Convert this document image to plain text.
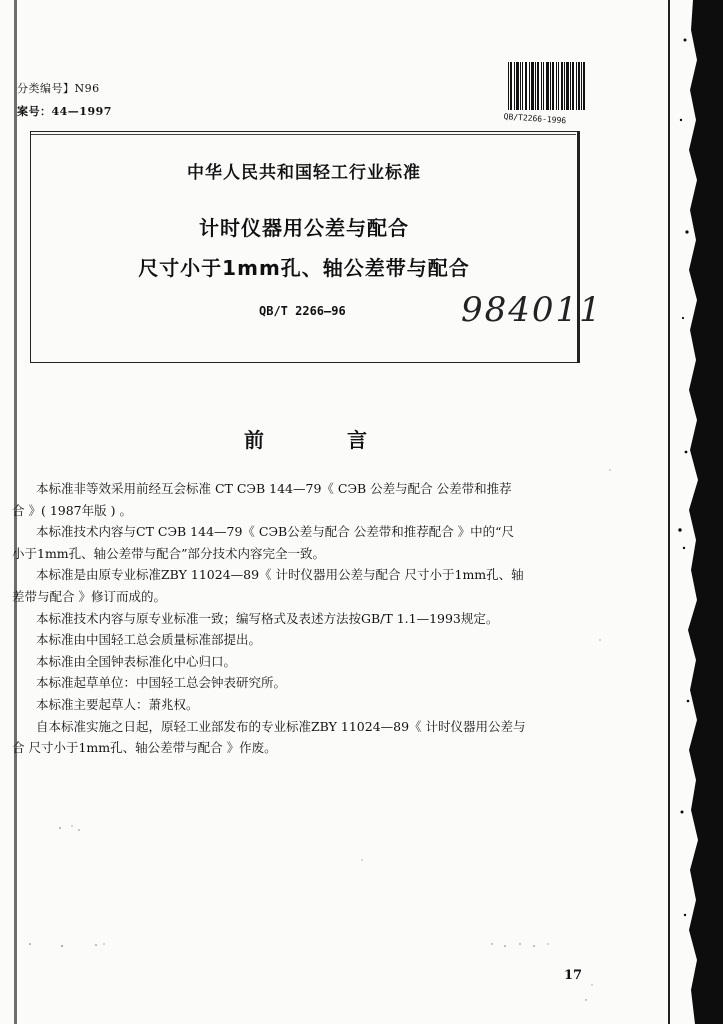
分类编号】N96
案号：44—1997
QB/T2266-1996
中华人民共和国轻工行业标准
计时仪器用公差与配合
尺寸小于1mm孔、轴公差带与配合
QB/T 2266—96	984011
前 言

本标准非等效采用前经互会标准 CT CЭВ 144—79《 CЭВ 公差与配合 公差带和推荐

合 》( 1987年版 ) 。

本标准技术内容与CT CЭВ 144—79《 CЭВ公差与配合 公差带和推荐配合 》中的“尺

小于1mm孔、轴公差带与配合”部分技术内容完全一致。

本标准是由原专业标准ZBY 11024—89《 计时仪器用公差与配合 尺寸小于1mm孔、轴

差带与配合 》修订而成的。

本标准技术内容与原专业标准一致；编写格式及表述方法按GB/T 1.1—1993规定。

本标准由中国轻工总会质量标准部提出。

本标准由全国钟表标准化中心归口。

本标准起草单位：中国轻工总会钟表研究所。

本标准主要起草人：萧兆权。

自本标准实施之日起，原轻工业部发布的专业标准ZBY 11024—89《 计时仪器用公差与

合 尺寸小于1mm孔、轴公差带与配合 》作废。

17
